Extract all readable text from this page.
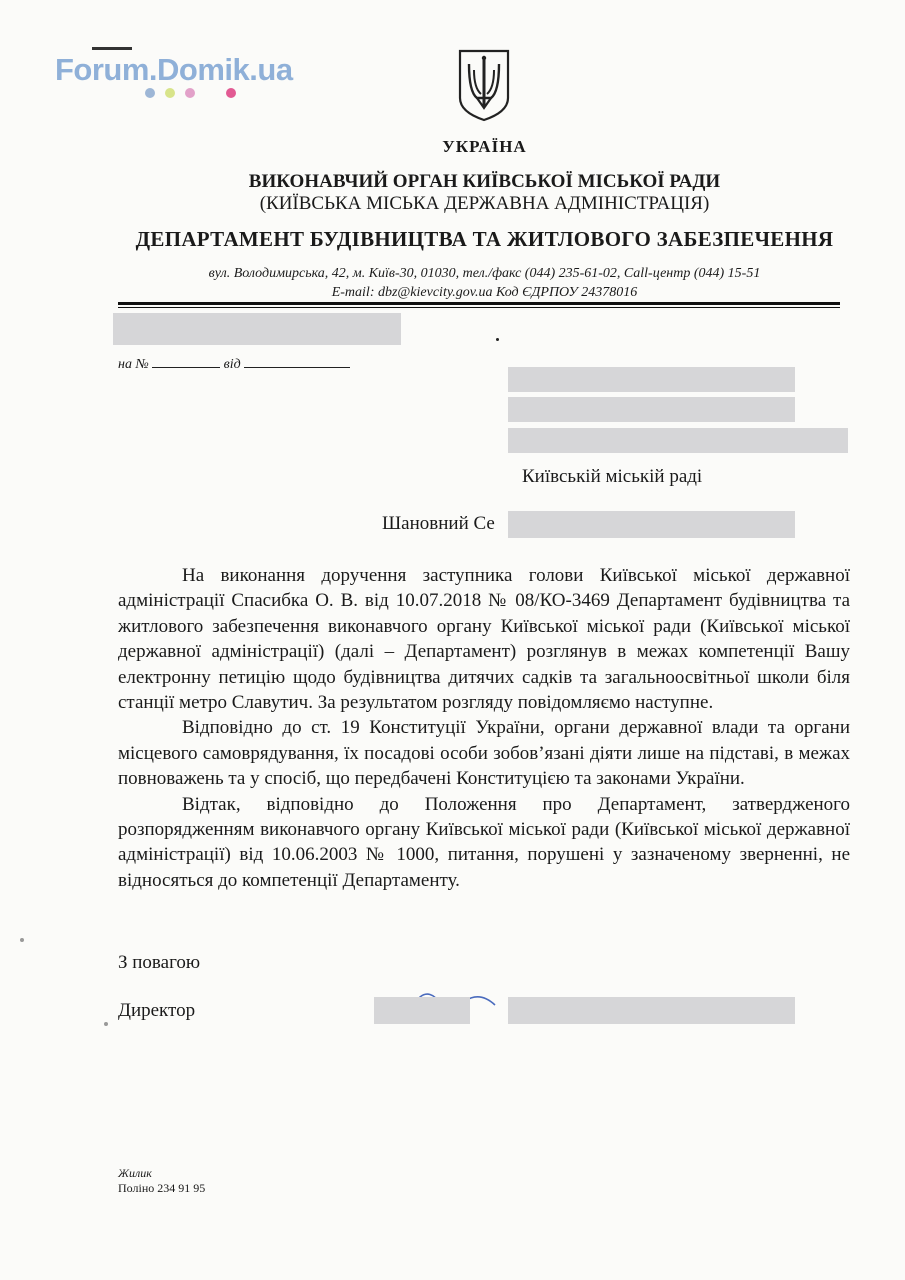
Forum.Domik.ua
УКРАЇНА
ВИКОНАВЧИЙ ОРГАН КИЇВСЬКОЇ МІСЬКОЇ РАДИ
(КИЇВСЬКА МІСЬКА ДЕРЖАВНА АДМІНІСТРАЦІЯ)
ДЕПАРТАМЕНТ БУДІВНИЦТВА ТА ЖИТЛОВОГО ЗАБЕЗПЕЧЕННЯ
вул. Володимирська, 42, м. Київ-30, 01030, тел./факс (044) 235-61-02, Call-центр (044) 15-51
E-mail: dbz@kievcity.gov.ua Код ЄДРПОУ 24378016
на №	від
Київській міській раді
Шановний Се

На виконання доручення заступника голови Київської міської державної адміністрації Спасибка О. В. від 10.07.2018 № 08/КО-3469 Департамент будівництва та житлового забезпечення виконавчого органу Київської міської ради (Київської міської державної адміністрації) (далі – Департамент) розглянув в межах компетенції Вашу електронну петицію щодо будівництва дитячих садків та загальноосвітньої школи біля станції метро Славутич. За результатом розгляду повідомляємо наступне.

Відповідно до ст. 19 Конституції України, органи державної влади та органи місцевого самоврядування, їх посадові особи зобов’язані діяти лише на підставі, в межах повноважень та у спосіб, що передбачені Конституцією та законами України.

Відтак, відповідно до Положення про Департамент, затвердженого розпорядженням виконавчого органу Київської міської ради (Київської міської державної адміністрації) від 10.06.2003 № 1000, питання, порушені у зазначеному зверненні, не відносяться до компетенції Департаменту.

З повагою
Директор
Жилик
Поліно 234 91 95
